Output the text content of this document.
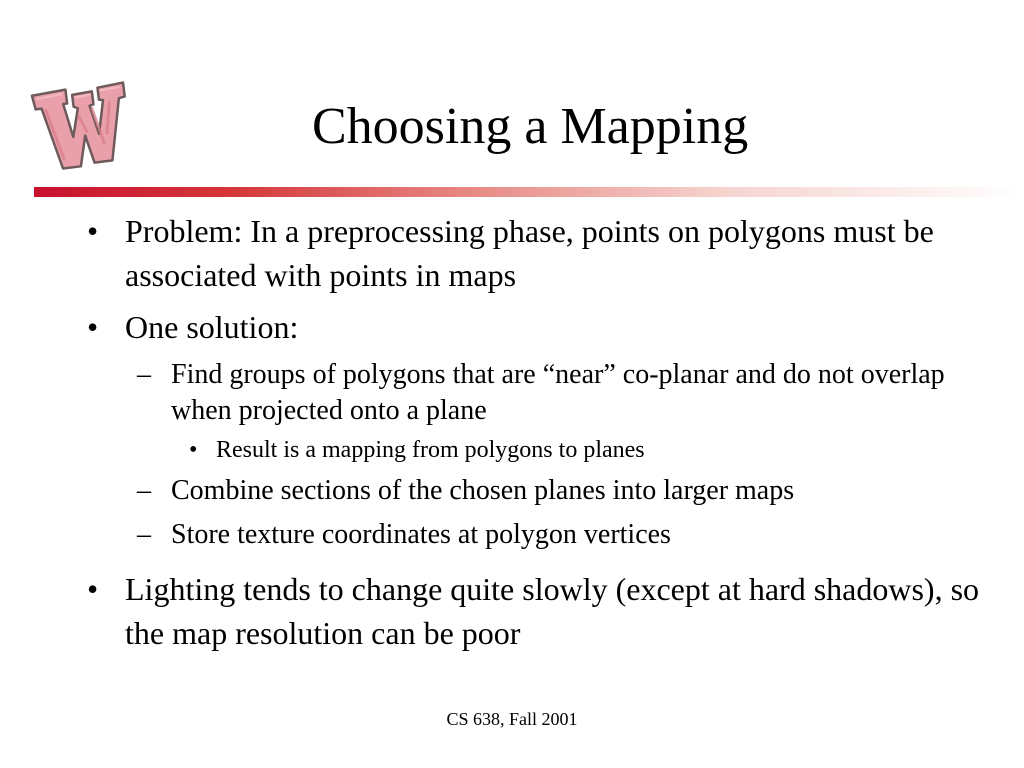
Choosing a Mapping
• Problem: In a preprocessing phase, points on polygons must be associated with points in maps
• One solution:
– Find groups of polygons that are “near” co-planar and do not overlap when projected onto a plane
• Result is a mapping from polygons to planes
– Combine sections of the chosen planes into larger maps
– Store texture coordinates at polygon vertices
• Lighting tends to change quite slowly (except at hard shadows), so the map resolution can be poor
CS 638, Fall 2001
